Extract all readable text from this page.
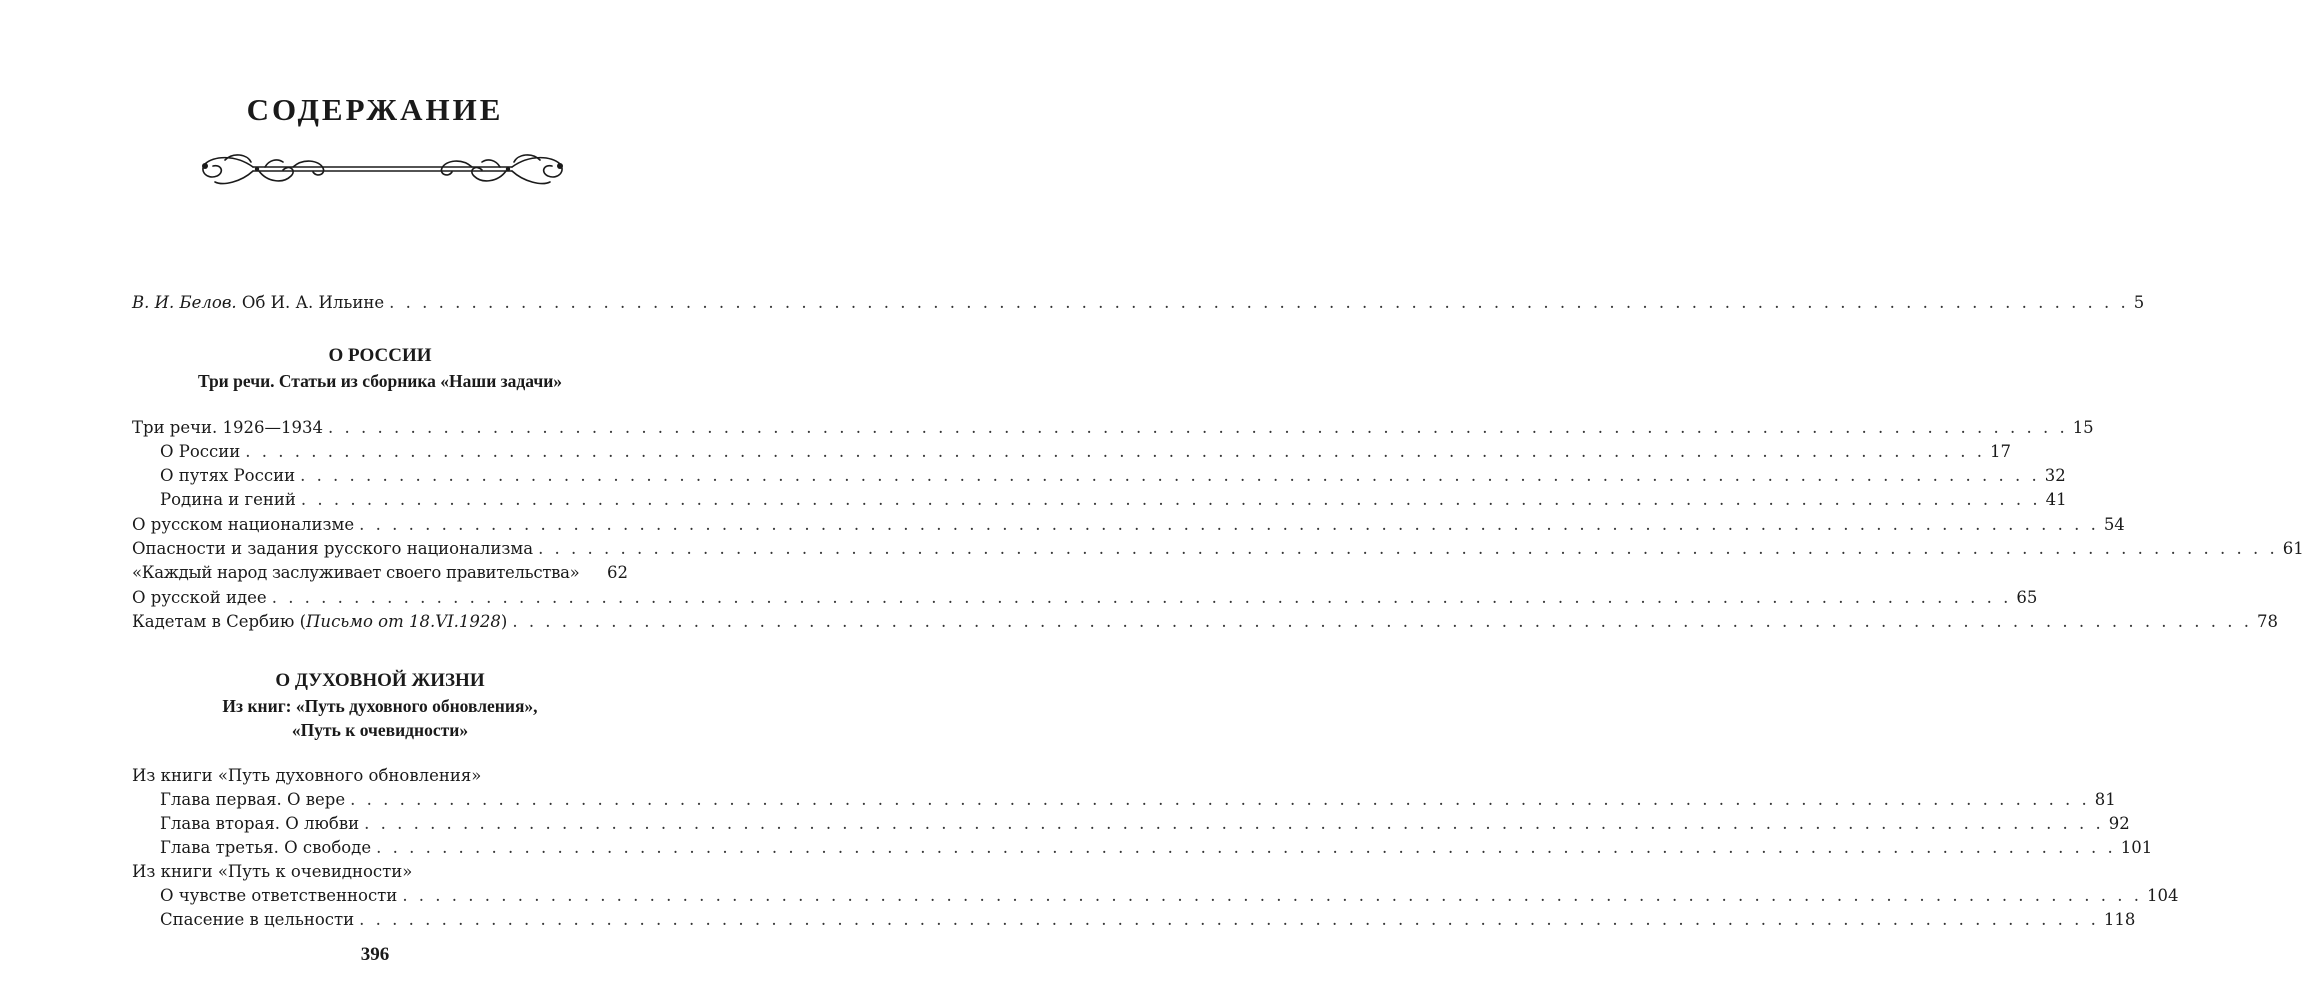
СОДЕРЖАНИЕ
В. И. Белов. Об И. А. Ильине . . . . . . . . . . . . . . . . . . . . . . . . . . . . . . . . . . . . . . . . . . . . . . . . . . . . . . . . . . . . . . . . . . . . . . . . . . . . . . . . . . . . . . . . . . . . . . . . . . . . . . . . . . 5
О РОССИИ
Три речи. Статьи из сборника «Наши задачи»
Три речи. 1926—1934 . . . . . . . . . . . . . . . . . . . . . . . . . . . . . . . . . . . . . . . . . . . . . . . . . . . . . . . . . . . . . . . . . . . . . . . . . . . . . . . . . . . . . . . . . . . . . . . . . . . . . . . . . . 15
О России . . . . . . . . . . . . . . . . . . . . . . . . . . . . . . . . . . . . . . . . . . . . . . . . . . . . . . . . . . . . . . . . . . . . . . . . . . . . . . . . . . . . . . . . . . . . . . . . . . . . . . . . . . 17
О путях России . . . . . . . . . . . . . . . . . . . . . . . . . . . . . . . . . . . . . . . . . . . . . . . . . . . . . . . . . . . . . . . . . . . . . . . . . . . . . . . . . . . . . . . . . . . . . . . . . . . . . . . . . . 32
Родина и гений . . . . . . . . . . . . . . . . . . . . . . . . . . . . . . . . . . . . . . . . . . . . . . . . . . . . . . . . . . . . . . . . . . . . . . . . . . . . . . . . . . . . . . . . . . . . . . . . . . . . . . . . . . 41
О русском национализме . . . . . . . . . . . . . . . . . . . . . . . . . . . . . . . . . . . . . . . . . . . . . . . . . . . . . . . . . . . . . . . . . . . . . . . . . . . . . . . . . . . . . . . . . . . . . . . . . . . . . . . . . . 54
Опасности и задания русского национализма . . . . . . . . . . . . . . . . . . . . . . . . . . . . . . . . . . . . . . . . . . . . . . . . . . . . . . . . . . . . . . . . . . . . . . . . . . . . . . . . . . . . . . . . . . . . . . . . . . . . . . . . . . 61
«Каждый народ заслуживает своего правительства» 62
О русской идее . . . . . . . . . . . . . . . . . . . . . . . . . . . . . . . . . . . . . . . . . . . . . . . . . . . . . . . . . . . . . . . . . . . . . . . . . . . . . . . . . . . . . . . . . . . . . . . . . . . . . . . . . . 65
Кадетам в Сербию (Письмо от 18.VI.1928) . . . . . . . . . . . . . . . . . . . . . . . . . . . . . . . . . . . . . . . . . . . . . . . . . . . . . . . . . . . . . . . . . . . . . . . . . . . . . . . . . . . . . . . . . . . . . . . . . . . . . . . . . . 78
О ДУХОВНОЙ ЖИЗНИ
Из книг: «Путь духовного обновления»,
«Путь к очевидности»
Из книги «Путь духовного обновления»
Глава первая. О вере . . . . . . . . . . . . . . . . . . . . . . . . . . . . . . . . . . . . . . . . . . . . . . . . . . . . . . . . . . . . . . . . . . . . . . . . . . . . . . . . . . . . . . . . . . . . . . . . . . . . . . . . . . 81
Глава вторая. О любви . . . . . . . . . . . . . . . . . . . . . . . . . . . . . . . . . . . . . . . . . . . . . . . . . . . . . . . . . . . . . . . . . . . . . . . . . . . . . . . . . . . . . . . . . . . . . . . . . . . . . . . . . . 92
Глава третья. О свободе . . . . . . . . . . . . . . . . . . . . . . . . . . . . . . . . . . . . . . . . . . . . . . . . . . . . . . . . . . . . . . . . . . . . . . . . . . . . . . . . . . . . . . . . . . . . . . . . . . . . . . . . . . 101
Из книги «Путь к очевидности»
О чувстве ответственности . . . . . . . . . . . . . . . . . . . . . . . . . . . . . . . . . . . . . . . . . . . . . . . . . . . . . . . . . . . . . . . . . . . . . . . . . . . . . . . . . . . . . . . . . . . . . . . . . . . . . . . . . . 104
Спасение в цельности . . . . . . . . . . . . . . . . . . . . . . . . . . . . . . . . . . . . . . . . . . . . . . . . . . . . . . . . . . . . . . . . . . . . . . . . . . . . . . . . . . . . . . . . . . . . . . . . . . . . . . . . . . 118
396
